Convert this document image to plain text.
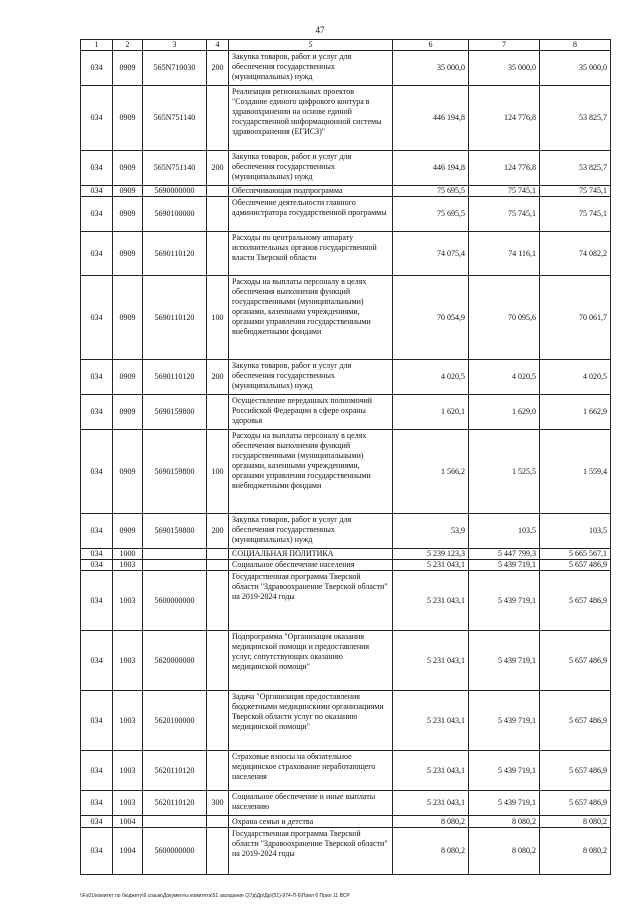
47
1	2	3	4	5	6	7	8
034	0909	565N710030	200	Закупка товаров, работ и услуг для обеспечения государственных (муниципальных) нужд	35 000,0	35 000,0	35 000,0
034	0909	565N751140		Реализация региональных проектов "Создание единого цифрового контура в здравоохранении на основе единой государственной информационной системы здравоохранения (ЕГИСЗ)"	446 194,8	124 776,8	53 825,7
034	0909	565N751140	200	Закупка товаров, работ и услуг для обеспечения государственных (муниципальных) нужд	446 194,8	124 776,8	53 825,7
034	0909	5690000000		Обеспечивающая подпрограмма	75 695,5	75 745,1	75 745,1
034	0909	5690100000		Обеспечение деятельности главного администратора государственной программы	75 695,5	75 745,1	75 745,1
034	0909	5690110120		Расходы по центральному аппарату исполнительных органов государственной власти Тверской области	74 075,4	74 116,1	74 082,2
034	0909	5690110120	100	Расходы на выплаты персоналу в целях обеспечения выполнения функций государственными (муниципальными) органами, казенными учреждениями, органами управления государственными внебюджетными фондами	70 054,9	70 095,6	70 061,7
034	0909	5690110120	200	Закупка товаров, работ и услуг для обеспечения государственных (муниципальных) нужд	4 020,5	4 020,5	4 020,5
034	0909	5690159800		Осуществление переданных полномочий Российской Федерации в сфере охраны здоровья	1 620,1	1 629,0	1 662,9
034	0909	5690159800	100	Расходы на выплаты персоналу в целях обеспечения выполнения функций государственными (муниципальными) органами, казенными учреждениями, органами управления государственными внебюджетными фондами	1 566,2	1 525,5	1 559,4
034	0909	5690159800	200	Закупка товаров, работ и услуг для обеспечения государственных (муниципальных) нужд	53,9	103,5	103,5
034	1000			СОЦИАЛЬНАЯ ПОЛИТИКА	5 239 123,3	5 447 799,3	5 665 567,1
034	1003			Социальное обеспечение населения	5 231 043,1	5 439 719,1	5 657 486,9
034	1003	5600000000		Государственная программа Тверской области "Здравоохранение Тверской области" на 2019-2024 годы	5 231 043,1	5 439 719,1	5 657 486,9
034	1003	5620000000		Подпрограмма "Организация оказания медицинской помощи и предоставления услуг, сопутствующих оказанию медицинской помощи"	5 231 043,1	5 439 719,1	5 657 486,9
034	1003	5620100000		Задача "Организация предоставления бюджетными медицинскими организациями Тверской области услуг по оказанию медицинской помощи"	5 231 043,1	5 439 719,1	5 657 486,9
034	1003	5620110120		Страховые взносы на обязательное медицинское страхование неработающего населения	5 231 043,1	5 439 719,1	5 657 486,9
034	1003	5620110120	300	Социальное обеспечение и иные выплаты населению	5 231 043,1	5 439 719,1	5 657 486,9
034	1004			Охрана семьи и детства	8 080,2	8 080,2	8 080,2
034	1004	5600000000		Государственная программа Тверской области "Здравоохранение Тверской области" на 2019-2024 годы	8 080,2	8 080,2	8 080,2
\\Fs01\комитет по бюджету\6 созыв\Документы комитета\51 заседание (27д\Др\Др\(51)-974-П-6\Прил 6 Прил 11 ВСР
